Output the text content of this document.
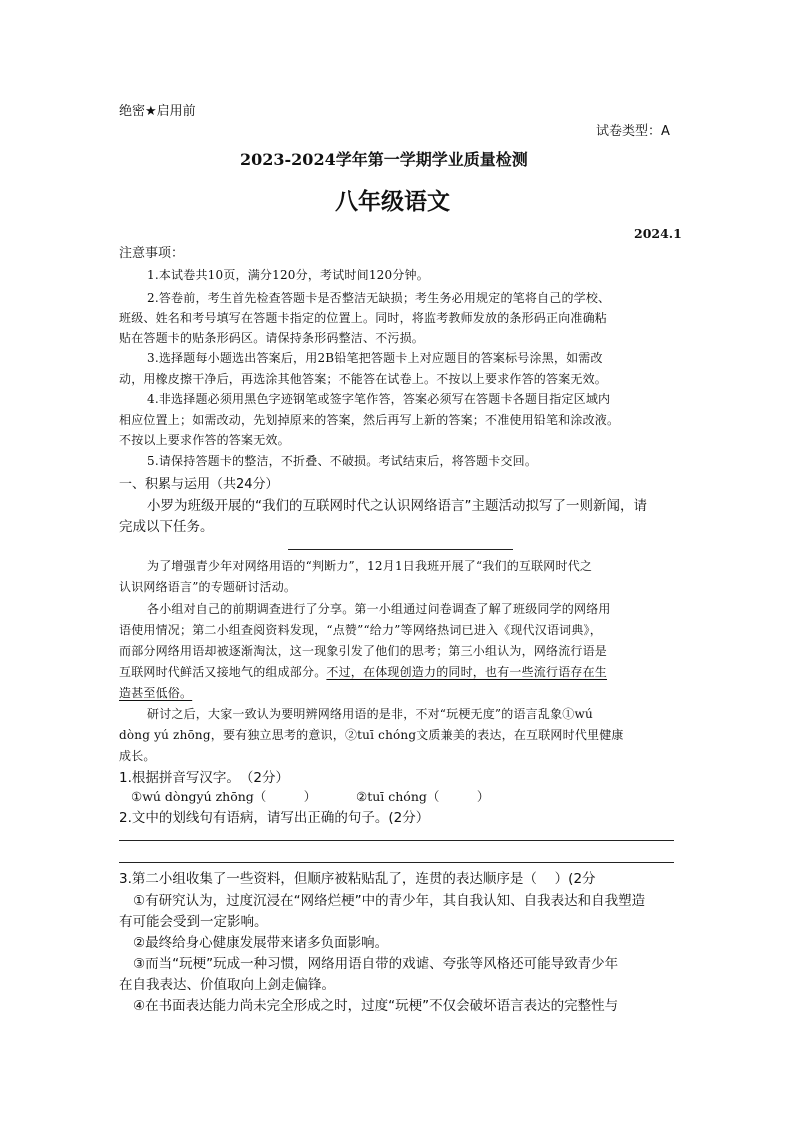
绝密★启用前
试卷类型：A
2023-2024学年第一学期学业质量检测
八年级语文
2024.1
注意事项：
1.本试卷共10页，满分120分，考试时间120分钟。
2.答卷前，考生首先检查答题卡是否整洁无缺损；考生务必用规定的笔将自己的学校、
班级、姓名和考号填写在答题卡指定的位置上。同时，将监考教师发放的条形码正向准确粘
贴在答题卡的贴条形码区。请保持条形码整洁、不污损。
3.选择题每小题选出答案后，用2B铅笔把答题卡上对应题目的答案标号涂黑，如需改
动，用橡皮擦干净后，再选涂其他答案；不能答在试卷上。不按以上要求作答的答案无效。
4.非选择题必须用黑色字迹钢笔或签字笔作答，答案必须写在答题卡各题目指定区域内
相应位置上；如需改动，先划掉原来的答案，然后再写上新的答案；不准使用铅笔和涂改液。
不按以上要求作答的答案无效。
5.请保持答题卡的整洁，不折叠、不破损。考试结束后，将答题卡交回。
一、积累与运用（共24分）
小罗为班级开展的“我们的互联网时代之认识网络语言”主题活动拟写了一则新闻，请
完成以下任务。
为了增强青少年对网络用语的“判断力”，12月1日我班开展了“我们的互联网时代之
认识网络语言”的专题研讨活动。
各小组对自己的前期调查进行了分享。第一小组通过问卷调查了解了班级同学的网络用
语使用情况；第二小组查阅资料发现，“点赞”“给力”等网络热词已进入《现代汉语词典》，
而部分网络用语却被逐渐淘汰，这一现象引发了他们的思考；第三小组认为，网络流行语是
互联网时代鲜活又接地气的组成部分。不过，在体现创造力的同时，也有一些流行语存在生
造甚至低俗。
研讨之后，大家一致认为要明辨网络用语的是非，不对“玩梗无度”的语言乱象①wú
dòng yú zhōng，要有独立思考的意识，②tuī chóng文质兼美的表达，在互联网时代里健康
成长。
1.根据拼音写汉字。　（2分）
①wú dòngyú zhōng（　　　）	②tuī chóng（　　　）
2.文中的划线句有语病，请写出正确的句子。(2分）
3.第二小组收集了一些资料，但顺序被粘贴乱了，连贯的表达顺序是（　 ）(2分
①有研究认为，过度沉浸在“网络烂梗”中的青少年，其自我认知、自我表达和自我塑造
有可能会受到一定影响。
②最终给身心健康发展带来诸多负面影响。
③而当“玩梗”玩成一种习惯，网络用语自带的戏谑、夸张等风格还可能导致青少年
在自我表达、价值取向上剑走偏锋。
④在书面表达能力尚未完全形成之时，过度“玩梗”不仅会破坏语言表达的完整性与
